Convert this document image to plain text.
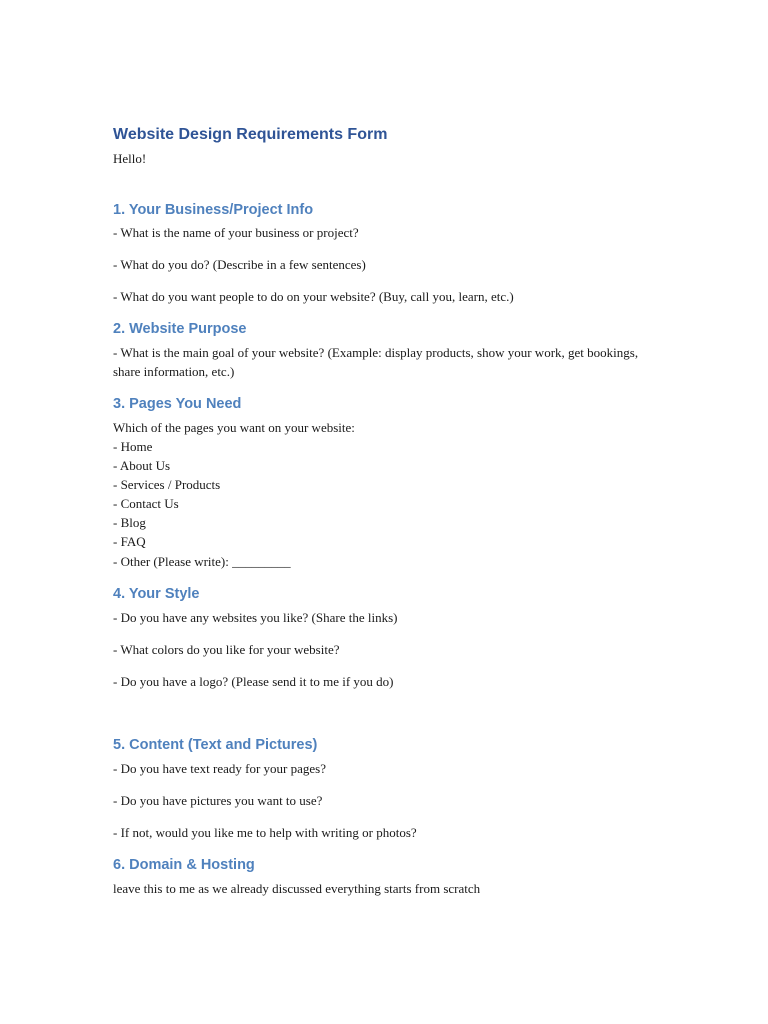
Website Design Requirements Form

Hello!

1. Your Business/Project Info

- What is the name of your business or project?

- What do you do? (Describe in a few sentences)

- What do you want people to do on your website? (Buy, call you, learn, etc.)

2. Website Purpose

- What is the main goal of your website? (Example: display products, show your work, get bookings, share information, etc.)

3. Pages You Need

Which of the pages you want on your website:

- Home

- About Us

- Services / Products

- Contact Us

- Blog

- FAQ

- Other (Please write): _________

4. Your Style

- Do you have any websites you like? (Share the links)

- What colors do you like for your website?

- Do you have a logo? (Please send it to me if you do)

5. Content (Text and Pictures)

- Do you have text ready for your pages?

- Do you have pictures you want to use?

- If not, would you like me to help with writing or photos?

6. Domain & Hosting

leave this to me as we already discussed everything starts from scratch
